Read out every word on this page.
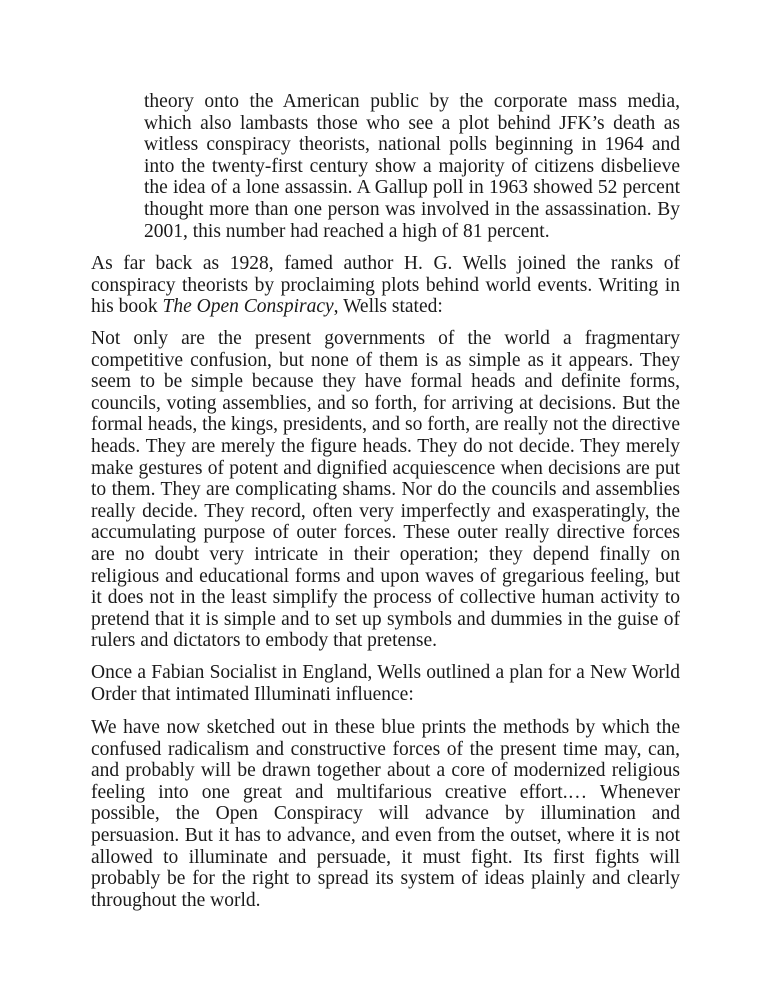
theory onto the American public by the corporate mass media, which also lambasts those who see a plot behind JFK’s death as witless conspiracy theorists, national polls beginning in 1964 and into the twenty-first century show a majority of citizens disbelieve the idea of a lone assassin. A Gallup poll in 1963 showed 52 percent thought more than one person was involved in the assassination. By 2001, this number had reached a high of 81 percent.

As far back as 1928, famed author H. G. Wells joined the ranks of conspiracy theorists by proclaiming plots behind world events. Writing in his book The Open Conspiracy, Wells stated:

Not only are the present governments of the world a fragmentary competitive confusion, but none of them is as simple as it appears. They seem to be simple because they have formal heads and definite forms, councils, voting assemblies, and so forth, for arriving at decisions. But the formal heads, the kings, presidents, and so forth, are really not the directive heads. They are merely the figure heads. They do not decide. They merely make gestures of potent and dignified acquiescence when decisions are put to them. They are complicating shams. Nor do the councils and assemblies really decide. They record, often very imperfectly and exasperatingly, the accumulating purpose of outer forces. These outer really directive forces are no doubt very intricate in their operation; they depend finally on religious and educational forms and upon waves of gregarious feeling, but it does not in the least simplify the process of collective human activity to pretend that it is simple and to set up symbols and dummies in the guise of rulers and dictators to embody that pretense.

Once a Fabian Socialist in England, Wells outlined a plan for a New World Order that intimated Illuminati influence:

We have now sketched out in these blue prints the methods by which the confused radicalism and constructive forces of the present time may, can, and probably will be drawn together about a core of modernized religious feeling into one great and multifarious creative effort.… Whenever possible, the Open Conspiracy will advance by illumination and persuasion. But it has to advance, and even from the outset, where it is not allowed to illuminate and persuade, it must fight. Its first fights will probably be for the right to spread its system of ideas plainly and clearly throughout the world.
